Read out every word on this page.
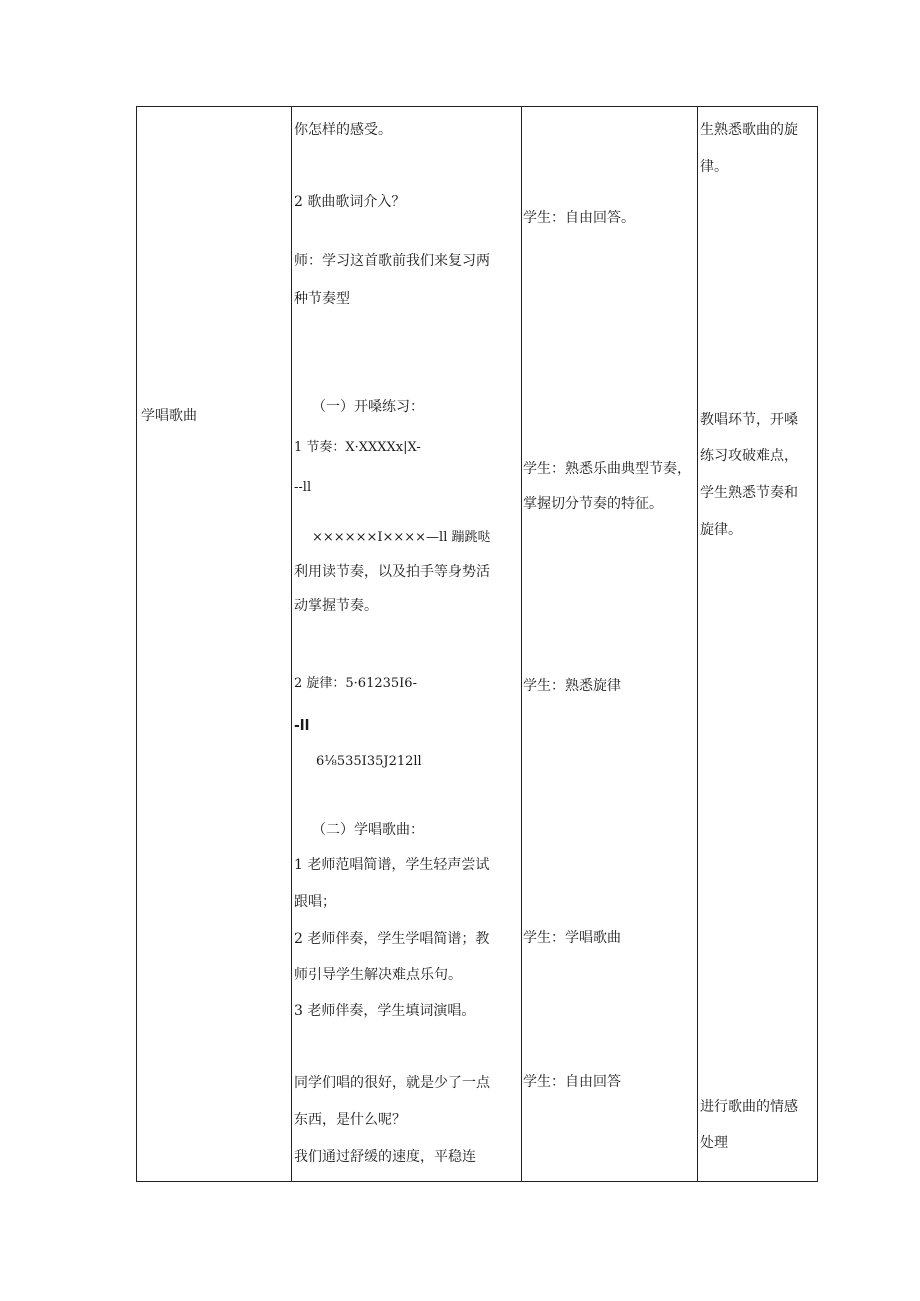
学唱歌曲
你怎样的感受。
2 歌曲歌词介入？
师：学习这首歌前我们来复习两
种节奏型
（一）开嗓练习：
1 节奏：X·XXXXx|X-
--ll
××××××I××××—ll 蹦跳哒
利用读节奏，以及拍手等身势活
动掌握节奏。
2 旋律：5·61235I6-
-ll
6⅛535I35J212ll
（二）学唱歌曲：
1 老师范唱简谱，学生轻声尝试
跟唱；
2 老师伴奏，学生学唱简谱；教
师引导学生解决难点乐句。
3 老师伴奏，学生填词演唱。
同学们唱的很好，就是少了一点
东西，是什么呢？
我们通过舒缓的速度，平稳连
学生：自由回答。
学生：熟悉乐曲典型节奏，
掌握切分节奏的特征。
学生：熟悉旋律
学生：学唱歌曲
学生：自由回答
生熟悉歌曲的旋
律。
教唱环节，开嗓
练习攻破难点，
学生熟悉节奏和
旋律。
进行歌曲的情感
处理
